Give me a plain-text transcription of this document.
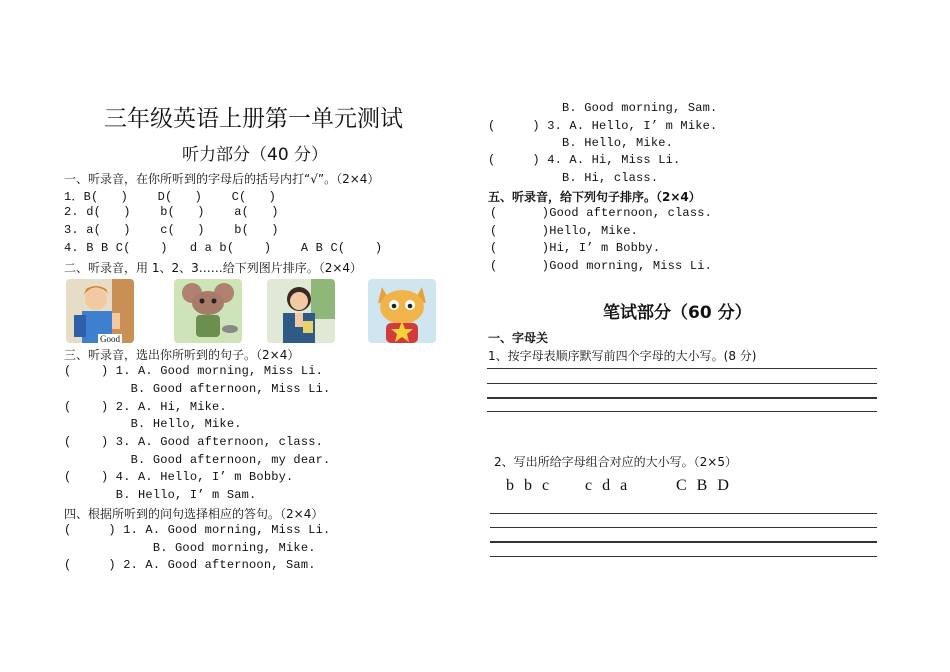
三年级英语上册第一单元测试
听力部分（40 分）
一、听录音，在你所听到的字母后的括号内打“√”。（2×4）
1．B(   )    D(   )    C(   )
2. d(   )    b(   )    a(   )
3. a(   )    c(   )    b(   )
4. B B C(    )   d a b(    )    A B C(    )
二、听录音，用 1、2、3……给下列图片排序。（2×4）
Good
三、听录音，选出你所听到的句子。（2×4）
(    ) 1. A. Good morning, Miss Li.
B. Good afternoon, Miss Li.
(    ) 2. A. Hi, Mike.
B. Hello, Mike.
(    ) 3. A. Good afternoon, class.
B. Good afternoon, my dear.
(    ) 4. A. Hello, I’ m Bobby.
B. Hello, I’ m Sam.
四、根据所听到的问句选择相应的答句。（2×4）
(     ) 1. A. Good morning, Miss Li.
B. Good morning, Mike.
(     ) 2. A. Good afternoon, Sam.
B. Good morning, Sam.
(     ) 3. A. Hello, I’ m Mike.
B. Hello, Mike.
(     ) 4. A. Hi, Miss Li.
B. Hi, class.
五、听录音，给下列句子排序。（2×4）
(      )Good afternoon, class.
(      )Hello, Mike.
(      )Hi, I’ m Bobby.
(      )Good morning, Miss Li.
笔试部分（60 分）
一、字母关
1、按字母表顺序默写前四个字母的大小写。(8 分)
2、写出所给字母组合对应的大小写。（2×5）
b b c c d a	C B D
